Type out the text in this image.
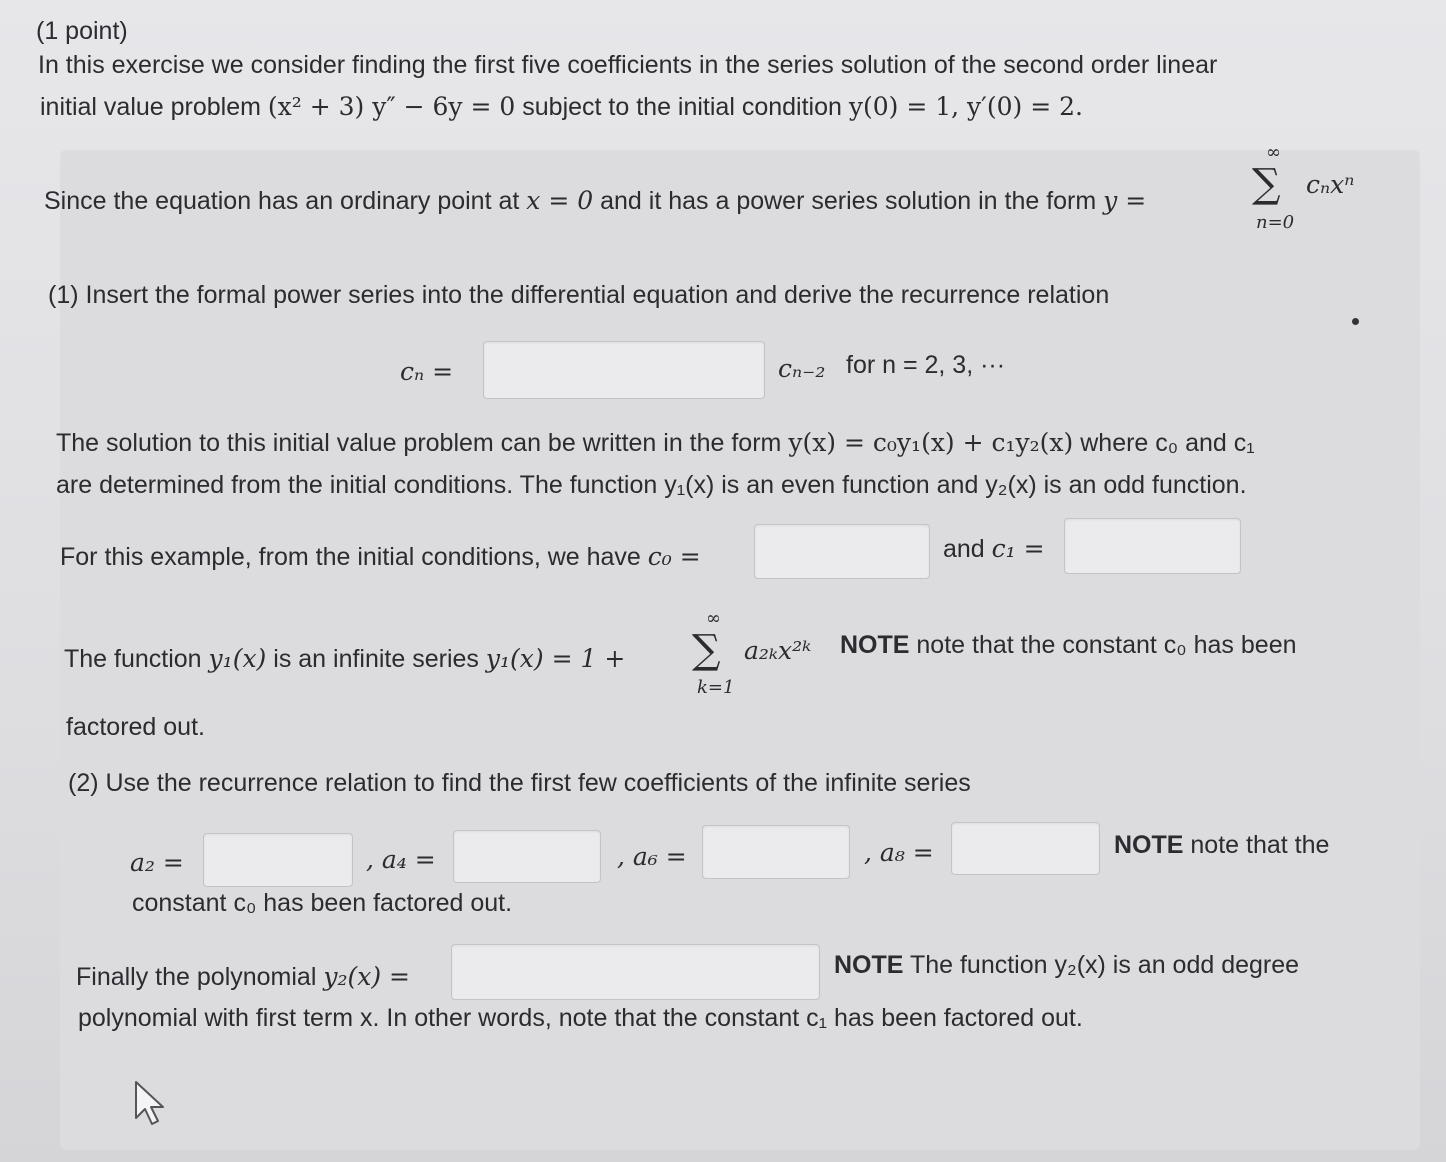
(1 point)
In this exercise we consider finding the first five coefficients in the series solution of the second order linear
initial value problem (x² + 3) y″ − 6y = 0 subject to the initial condition y(0) = 1, y′(0) = 2.
Since the equation has an ordinary point at x = 0 and it has a power series solution in the form y =
∞
∑
n=0
cₙxⁿ
(1) Insert the formal power series into the differential equation and derive the recurrence relation
cₙ =	cₙ₋₂ for n = 2, 3, ···
The solution to this initial value problem can be written in the form y(x) = c₀y₁(x) + c₁y₂(x) where c₀ and c₁
are determined from the initial conditions. The function y₁(x) is an even function and y₂(x) is an odd function.
For this example, from the initial conditions, we have c₀ =	and c₁ =
The function y₁(x) is an infinite series y₁(x) = 1 +
∞
∑
k=1
a₂ₖx²ᵏ NOTE note that the constant c₀ has been
factored out.
(2) Use the recurrence relation to find the first few coefficients of the infinite series
a₂ =	, a₄ =	, a₆ =	, a₈ =	NOTE note that the
constant c₀ has been factored out.
Finally the polynomial y₂(x) =	NOTE The function y₂(x) is an odd degree
polynomial with first term x. In other words, note that the constant c₁ has been factored out.
